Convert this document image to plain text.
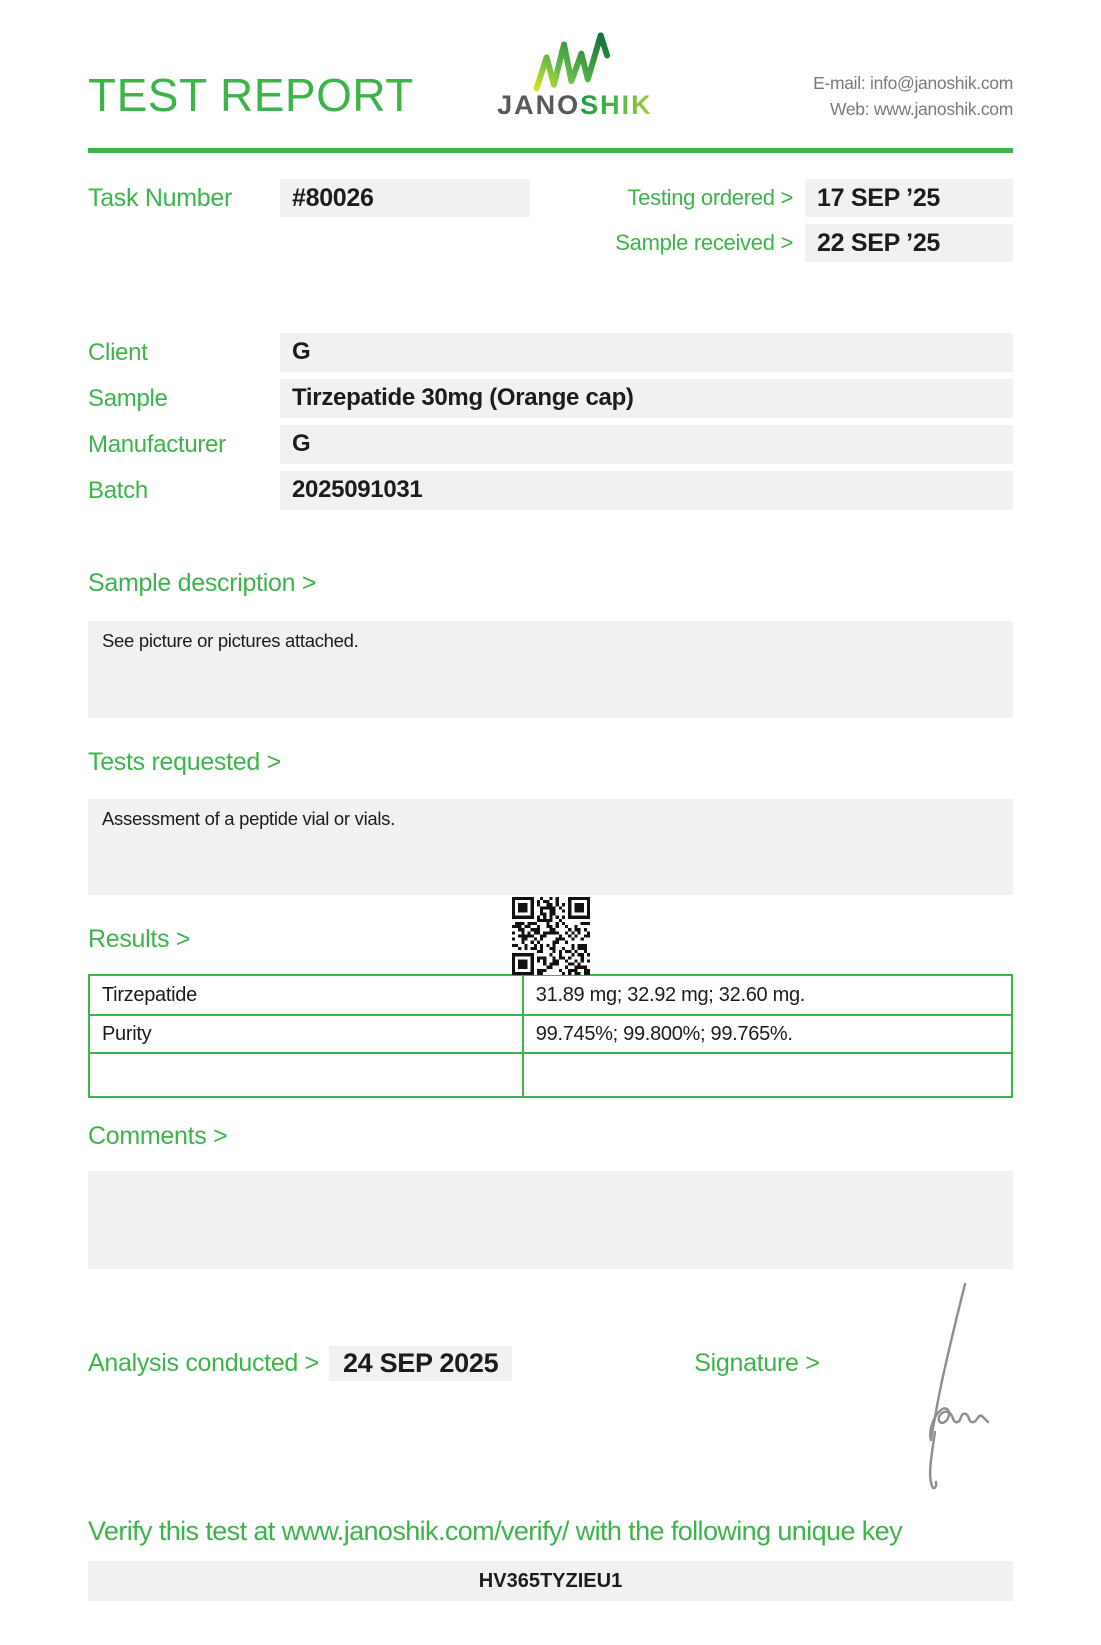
TEST REPORT	JANOSHIK
E-mail: info@janoshik.com
Web: www.janoshik.com
Task Number	#80026	Testing ordered > 17 SEP ’25
Sample received > 22 SEP ’25
Client	G
Sample	Tirzepatide 30mg (Orange cap)
Manufacturer	G
Batch	2025091031
Sample description >
See picture or pictures attached.
Tests requested >
Assessment of a peptide vial or vials.
Results >
Tirzepatide	31.89 mg; 32.92 mg; 32.60 mg.
Purity	99.745%; 99.800%; 99.765%.

Comments >
Analysis conducted > 24 SEP 2025	Signature >
Verify this test at www.janoshik.com/verify/ with the following unique key
HV365TYZIEU1
